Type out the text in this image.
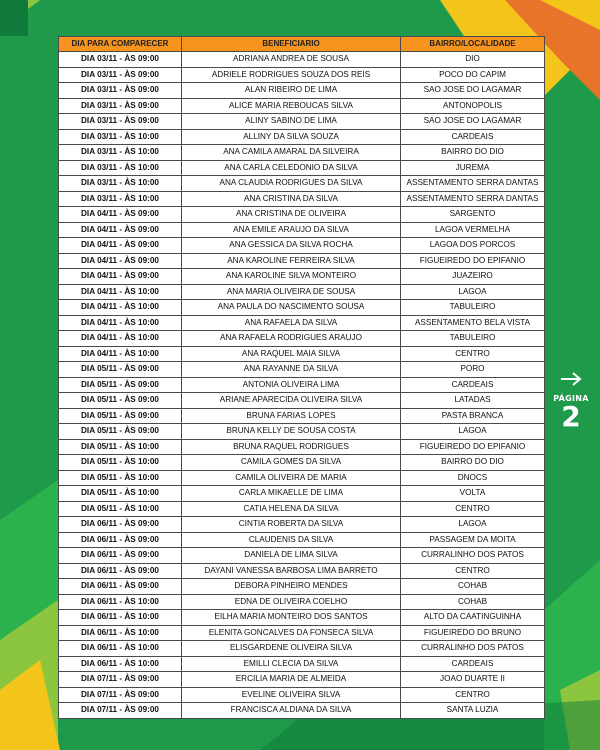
DIA PARA COMPARECER	BENEFICIARIO	BAIRRO/LOCALIDADE
DIA 03/11 - ÀS 09:00	ADRIANA ANDREA DE SOUSA	DIO
DIA 03/11 - ÀS 09:00	ADRIELE RODRIGUES SOUZA DOS REIS	POCO DO CAPIM
DIA 03/11 - ÀS 09:00	ALAN RIBEIRO DE LIMA	SAO JOSE DO LAGAMAR
DIA 03/11 - ÀS 09:00	ALICE MARIA REBOUCAS SILVA	ANTONOPOLIS
DIA 03/11 - ÀS 09:00	ALINY SABINO DE LIMA	SAO JOSE DO LAGAMAR
DIA 03/11 - ÀS 10:00	ALLINY DA SILVA SOUZA	CARDEAIS
DIA 03/11 - ÀS 10:00	ANA CAMILA AMARAL DA SILVEIRA	BAIRRO DO DIO
DIA 03/11 - ÀS 10:00	ANA CARLA CELEDONIO DA SILVA	JUREMA
DIA 03/11 - ÀS 10:00	ANA CLAUDIA RODRIGUES DA SILVA	ASSENTAMENTO SERRA DANTAS
DIA 03/11 - ÀS 10:00	ANA CRISTINA DA SILVA	ASSENTAMENTO SERRA DANTAS
DIA 04/11 - ÀS 09:00	ANA CRISTINA DE OLIVEIRA	SARGENTO
DIA 04/11 - ÀS 09:00	ANA EMILE ARAUJO DA SILVA	LAGOA VERMELHA
DIA 04/11 - ÀS 09:00	ANA GESSICA DA SILVA ROCHA	LAGOA DOS PORCOS
DIA 04/11 - ÀS 09:00	ANA KAROLINE FERREIRA SILVA	FIGUEIREDO DO EPIFANIO
DIA 04/11 - ÀS 09:00	ANA KAROLINE SILVA MONTEIRO	JUAZEIRO
DIA 04/11 - ÀS 10:00	ANA MARIA OLIVEIRA DE SOUSA	LAGOA
DIA 04/11 - ÀS 10:00	ANA PAULA DO NASCIMENTO SOUSA	TABULEIRO
DIA 04/11 - ÀS 10:00	ANA RAFAELA DA SILVA	ASSENTAMENTO BELA VISTA
DIA 04/11 - ÀS 10:00	ANA RAFAELA RODRIGUES ARAUJO	TABULEIRO
DIA 04/11 - ÀS 10:00	ANA RAQUEL MAIA SILVA	CENTRO
DIA 05/11 - ÀS 09:00	ANA RAYANNE DA SILVA	PORO
DIA 05/11 - ÀS 09:00	ANTONIA OLIVEIRA LIMA	CARDEAIS
DIA 05/11 - ÀS 09:00	ARIANE APARECIDA OLIVEIRA SILVA	LATADAS
DIA 05/11 - ÀS 09:00	BRUNA FARIAS LOPES	PASTA BRANCA
DIA 05/11 - ÀS 09:00	BRUNA KELLY DE SOUSA COSTA	LAGOA
DIA 05/11 - ÀS 10:00	BRUNA RAQUEL RODRIGUES	FIGUEIREDO DO EPIFANIO
DIA 05/11 - ÀS 10:00	CAMILA GOMES DA SILVA	BAIRRO DO DIO
DIA 05/11 - ÀS 10:00	CAMILA OLIVEIRA DE MARIA	DNOCS
DIA 05/11 - ÀS 10:00	CARLA MIKAELLE DE LIMA	VOLTA
DIA 05/11 - ÀS 10:00	CATIA HELENA DA SILVA	CENTRO
DIA 06/11 - ÀS 09:00	CINTIA ROBERTA DA SILVA	LAGOA
DIA 06/11 - ÀS 09:00	CLAUDENIS DA SILVA	PASSAGEM DA MOITA
DIA 06/11 - ÀS 09:00	DANIELA DE LIMA SILVA	CURRALINHO DOS PATOS
DIA 06/11 - ÀS 09:00	DAYANI VANESSA BARBOSA LIMA BARRETO	CENTRO
DIA 06/11 - ÀS 09:00	DEBORA PINHEIRO MENDES	COHAB
DIA 06/11 - ÀS 10:00	EDNA DE OLIVEIRA COELHO	COHAB
DIA 06/11 - ÀS 10:00	EILHA MARIA MONTEIRO DOS SANTOS	ALTO DA CAATINGUINHA
DIA 06/11 - ÀS 10:00	ELENITA GONCALVES DA FONSECA SILVA	FIGUEIREDO DO BRUNO
DIA 06/11 - ÀS 10:00	ELISGARDENE OLIVEIRA SILVA	CURRALINHO DOS PATOS
DIA 06/11 - ÀS 10:00	EMILLI CLECIA DA SILVA	CARDEAIS
DIA 07/11 - ÀS 09:00	ERCILIA MARIA DE ALMEIDA	JOAO DUARTE II
DIA 07/11 - ÀS 09:00	EVELINE OLIVEIRA SILVA	CENTRO
DIA 07/11 - ÀS 09:00	FRANCISCA ALDIANA DA SILVA	SANTA LUZIA
PÁGINA
2
